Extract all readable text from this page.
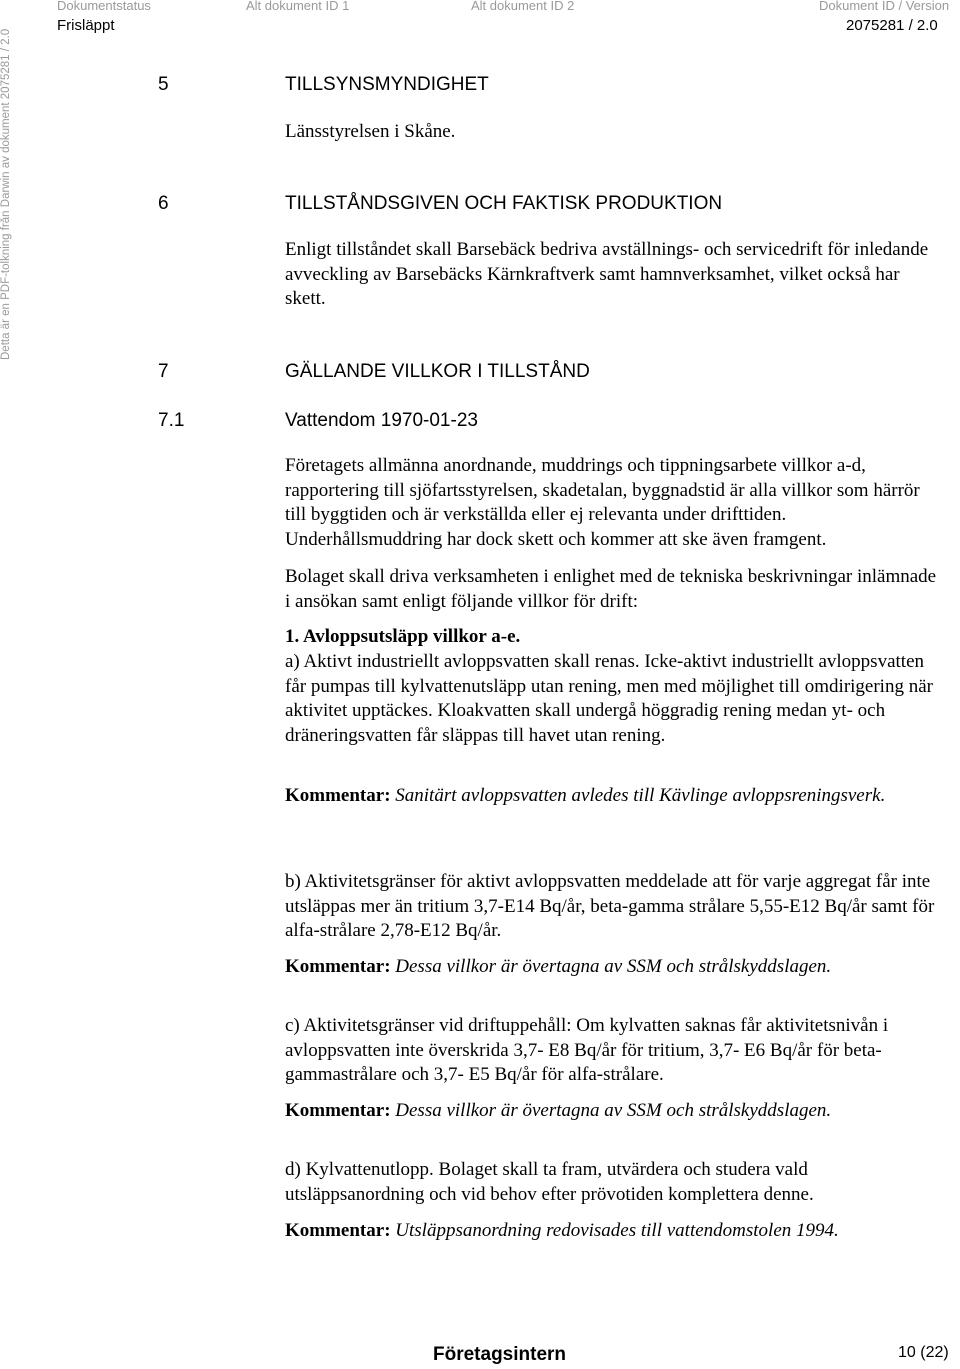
Dokumentstatus	Alt dokument ID 1	Alt dokument ID 2	Dokument ID / Version
Frisläppt	2075281 / 2.0
Detta är en PDF-tolkning från Darwin av dokument 2075281 / 2.0	5	TILLSYNSMYNDIGHET

Länsstyrelsen i Skåne.

6	TILLSTÅNDSGIVEN OCH FAKTISK PRODUKTION

Enligt tillståndet skall Barsebäck bedriva avställnings- och servicedrift för inledande avveckling av Barsebäcks Kärnkraftverk samt hamnverksamhet, vilket också har skett.

7	GÄLLANDE VILLKOR I TILLSTÅND
7.1	Vattendom 1970-01-23

Företagets allmänna anordnande, muddrings och tippningsarbete villkor a-d, rapportering till sjöfartsstyrelsen, skadetalan, byggnadstid är alla villkor som härrör till byggtiden och är verkställda eller ej relevanta under drifttiden. Underhållsmuddring har dock skett och kommer att ske även framgent.

Bolaget skall driva verksamheten i enlighet med de tekniska beskrivningar inlämnade i ansökan samt enligt följande villkor för drift:

1. Avloppsutsläpp villkor a-e.

a) Aktivt industriellt avloppsvatten skall renas. Icke-aktivt industriellt avloppsvatten får pumpas till kylvattenutsläpp utan rening, men med möjlighet till omdirigering när aktivitet upptäckes. Kloakvatten skall undergå höggradig rening medan yt- och dräneringsvatten får släppas till havet utan rening.

Kommentar: Sanitärt avloppsvatten avledes till Kävlinge avloppsreningsverk.

b) Aktivitetsgränser för aktivt avloppsvatten meddelade att för varje aggregat får inte utsläppas mer än tritium 3,7-E14 Bq/år, beta-gamma strålare 5,55-E12 Bq/år samt för alfa-strålare 2,78-E12 Bq/år.

Kommentar: Dessa villkor är övertagna av SSM och strålskyddslagen.

c) Aktivitetsgränser vid driftuppehåll: Om kylvatten saknas får aktivitetsnivån i avloppsvatten inte överskrida 3,7- E8 Bq/år för tritium, 3,7- E6 Bq/år för beta-gammastrålare och 3,7- E5 Bq/år för alfa-strålare.

Kommentar: Dessa villkor är övertagna av SSM och strålskyddslagen.

d) Kylvattenutlopp. Bolaget skall ta fram, utvärdera och studera vald utsläppsanordning och vid behov efter prövotiden komplettera denne.

Kommentar: Utsläppsanordning redovisades till vattendomstolen 1994.

Företagsintern	10 (22)
